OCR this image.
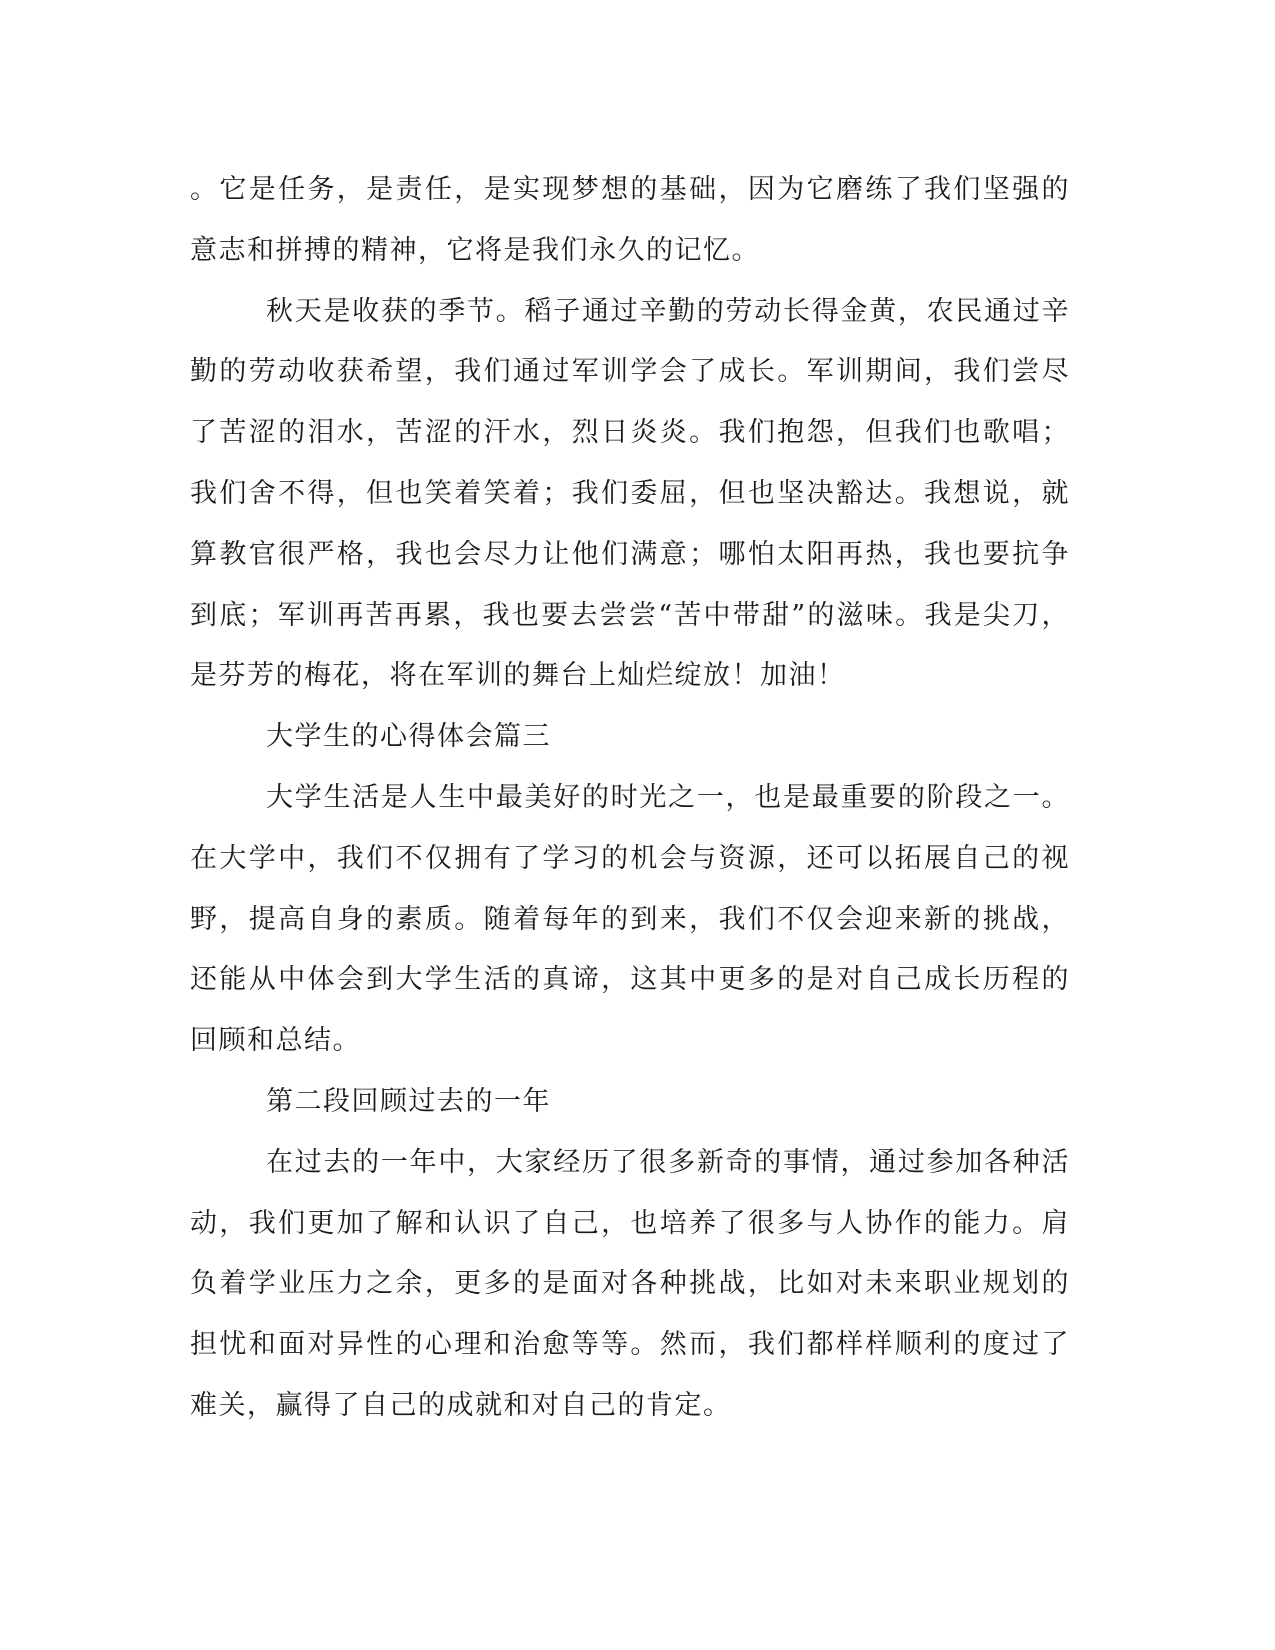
。它是任务，是责任，是实现梦想的基础，因为它磨练了我们坚强的意志和拼搏的精神，它将是我们永久的记忆。

秋天是收获的季节。稻子通过辛勤的劳动长得金黄，农民通过辛勤的劳动收获希望，我们通过军训学会了成长。军训期间，我们尝尽了苦涩的泪水，苦涩的汗水，烈日炎炎。我们抱怨，但我们也歌唱；我们舍不得，但也笑着笑着；我们委屈，但也坚决豁达。我想说，就算教官很严格，我也会尽力让他们满意；哪怕太阳再热，我也要抗争到底；军训再苦再累，我也要去尝尝“苦中带甜”的滋味。我是尖刀，是芬芳的梅花，将在军训的舞台上灿烂绽放！加油！

大学生的心得体会篇三

大学生活是人生中最美好的时光之一，也是最重要的阶段之一。在大学中，我们不仅拥有了学习的机会与资源，还可以拓展自己的视野，提高自身的素质。随着每年的到来，我们不仅会迎来新的挑战，还能从中体会到大学生活的真谛，这其中更多的是对自己成长历程的回顾和总结。

第二段回顾过去的一年

在过去的一年中，大家经历了很多新奇的事情，通过参加各种活动，我们更加了解和认识了自己，也培养了很多与人协作的能力。肩负着学业压力之余，更多的是面对各种挑战，比如对未来职业规划的担忧和面对异性的心理和治愈等等。然而，我们都样样顺利的度过了难关，赢得了自己的成就和对自己的肯定。
